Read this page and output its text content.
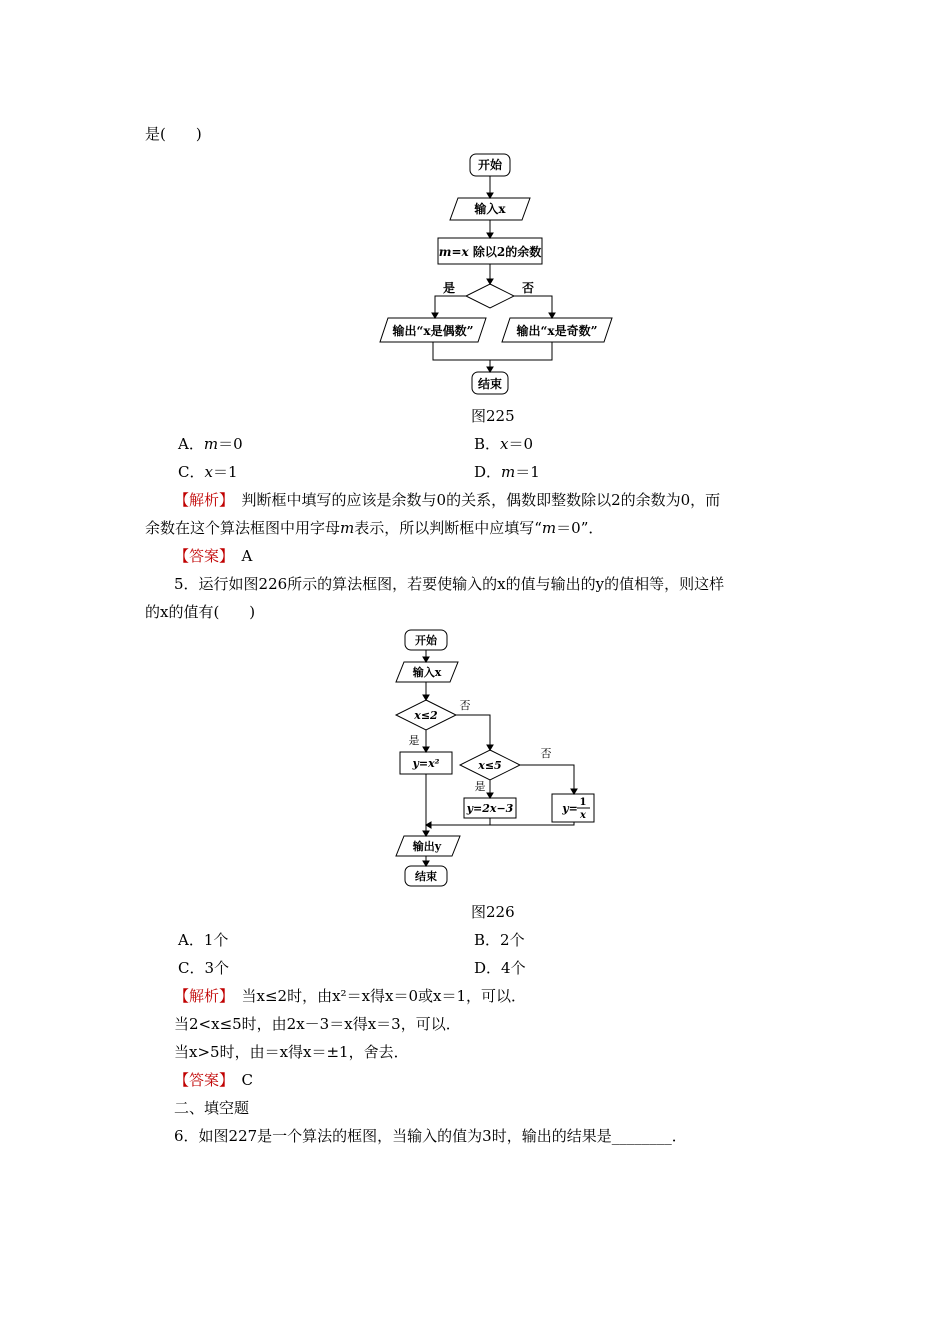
是(　　)
开始
输入x
m=x 除以2的余数
是	否
输出“x是偶数”	输出“x是奇数”
结束
图225
A．m＝0	B．x＝0
C．x＝1	D．m＝1
【解析】　 判断框中填写的应该是余数与0的关系，偶数即整数除以2的余数为0，而
余数在这个算法框图中用字母m表示，所以判断框中应填写“m＝0”．
【答案】　 A
5．运行如图226所示的算法框图，若要使输入的x的值与输出的y的值相等，则这样
的x的值有(　　)
开始
输入x
x≤2
否
是
y=x²	x≤5
否
是
y=2x−3	y= 1
x
输出y
结束
图226
A．1个	B．2个
C．3个	D．4个
【解析】　 当x≤2时，由x²＝x得x＝0或x＝1，可以．
当2<x≤5时，由2x－3＝x得x＝3，可以．
当x>5时，由＝x得x＝±1，舍去．
【答案】　 C
二、填空题
6．如图227是一个算法的框图，当输入的值为3时，输出的结果是________．
